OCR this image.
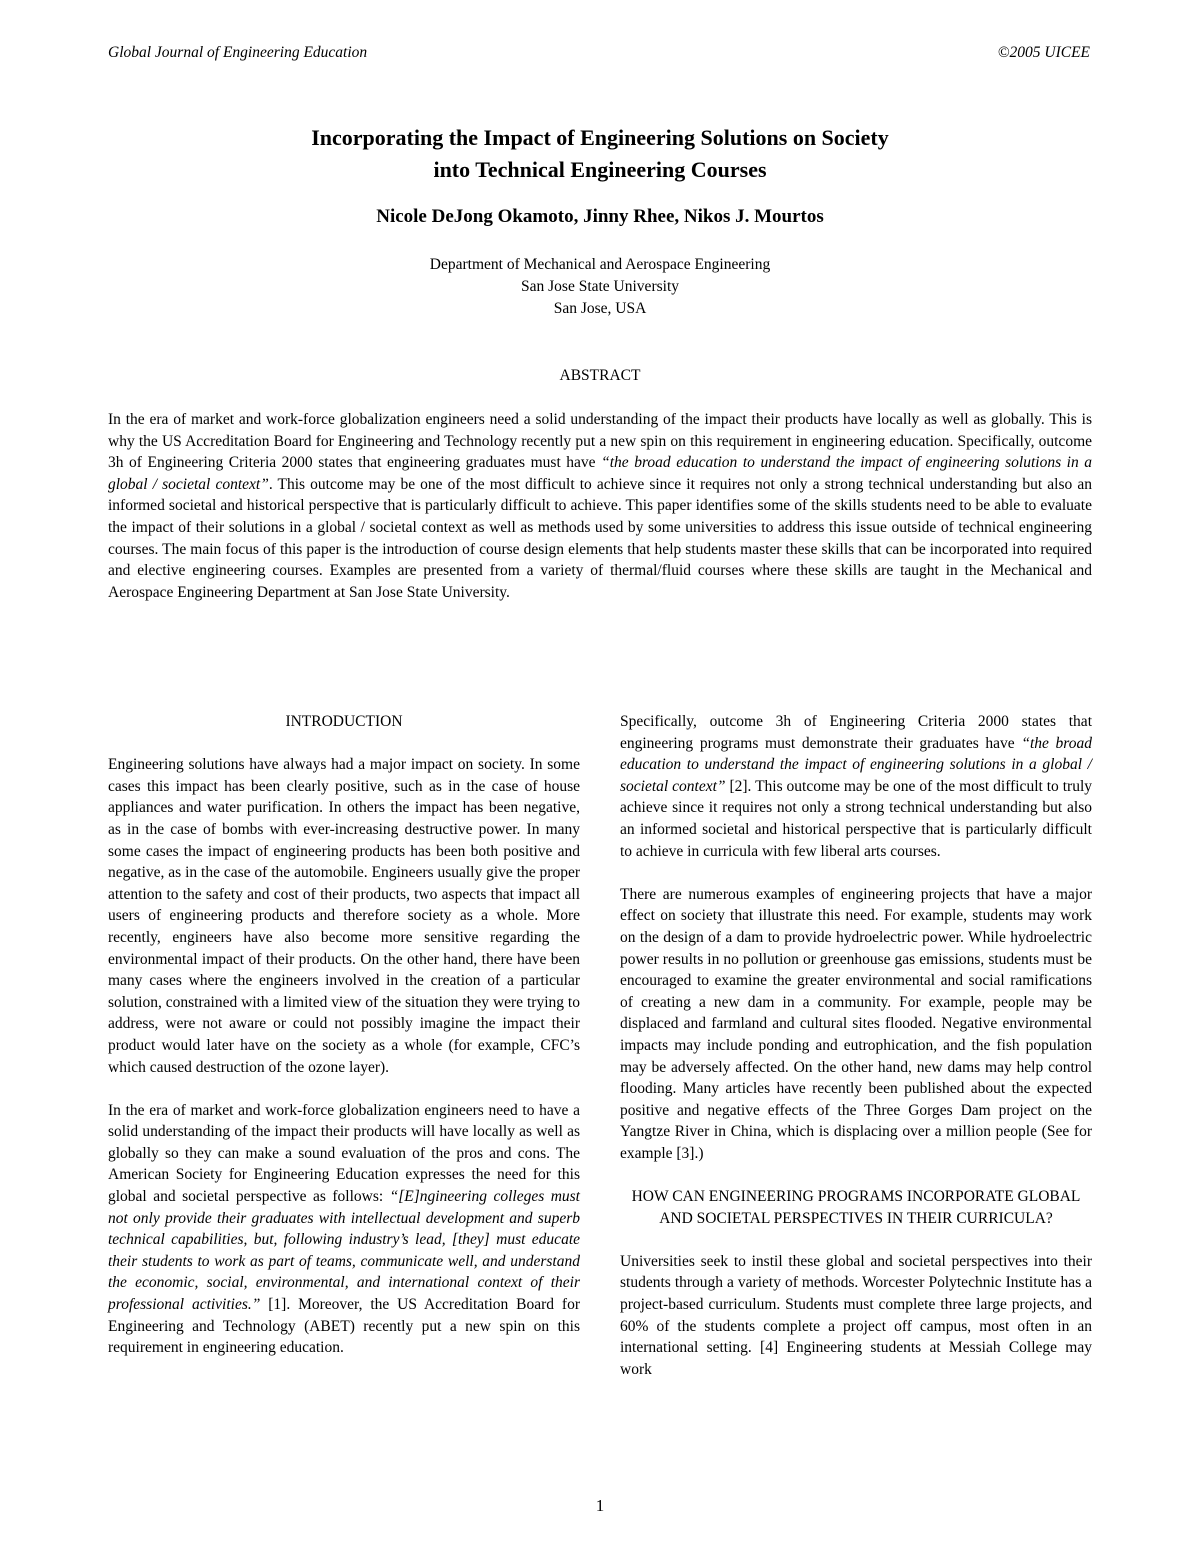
Global Journal of Engineering Education	©2005 UICEE
Incorporating the Impact of Engineering Solutions on Society
into Technical Engineering Courses
Nicole DeJong Okamoto, Jinny Rhee, Nikos J. Mourtos
Department of Mechanical and Aerospace Engineering
San Jose State University
San Jose, USA
ABSTRACT

In the era of market and work-force globalization engineers need a solid understanding of the impact their products have locally as well as globally. This is why the US Accreditation Board for Engineering and Technology recently put a new spin on this requirement in engineering education. Specifically, outcome 3h of Engineering Criteria 2000 states that engineering graduates must have “the broad education to understand the impact of engineering solutions in a global / societal context”. This outcome may be one of the most difficult to achieve since it requires not only a strong technical understanding but also an informed societal and historical perspective that is particularly difficult to achieve. This paper identifies some of the skills students need to be able to evaluate the impact of their solutions in a global / societal context as well as methods used by some universities to address this issue outside of technical engineering courses. The main focus of this paper is the introduction of course design elements that help students master these skills that can be incorporated into required and elective engineering courses. Examples are presented from a variety of thermal/fluid courses where these skills are taught in the Mechanical and Aerospace Engineering Department at San Jose State University.

INTRODUCTION

Engineering solutions have always had a major impact on society. In some cases this impact has been clearly positive, such as in the case of house appliances and water purification. In others the impact has been negative, as in the case of bombs with ever-increasing destructive power. In many some cases the impact of engineering products has been both positive and negative, as in the case of the automobile. Engineers usually give the proper attention to the safety and cost of their products, two aspects that impact all users of engineering products and therefore society as a whole. More recently, engineers have also become more sensitive regarding the environmental impact of their products. On the other hand, there have been many cases where the engineers involved in the creation of a particular solution, constrained with a limited view of the situation they were trying to address, were not aware or could not possibly imagine the impact their product would later have on the society as a whole (for example, CFC’s which caused destruction of the ozone layer).

In the era of market and work-force globalization engineers need to have a solid understanding of the impact their products will have locally as well as globally so they can make a sound evaluation of the pros and cons. The American Society for Engineering Education expresses the need for this global and societal perspective as follows: “[E]ngineering colleges must not only provide their graduates with intellectual development and superb technical capabilities, but, following industry’s lead, [they] must educate their students to work as part of teams, communicate well, and understand the economic, social, environmental, and international context of their professional activities.” [1]. Moreover, the US Accreditation Board for Engineering and Technology (ABET) recently put a new spin on this requirement in engineering education.

Specifically, outcome 3h of Engineering Criteria 2000 states that engineering programs must demonstrate their graduates have “the broad education to understand the impact of engineering solutions in a global / societal context” [2]. This outcome may be one of the most difficult to truly achieve since it requires not only a strong technical understanding but also an informed societal and historical perspective that is particularly difficult to achieve in curricula with few liberal arts courses.

There are numerous examples of engineering projects that have a major effect on society that illustrate this need. For example, students may work on the design of a dam to provide hydroelectric power. While hydroelectric power results in no pollution or greenhouse gas emissions, students must be encouraged to examine the greater environmental and social ramifications of creating a new dam in a community. For example, people may be displaced and farmland and cultural sites flooded. Negative environmental impacts may include ponding and eutrophication, and the fish population may be adversely affected. On the other hand, new dams may help control flooding. Many articles have recently been published about the expected positive and negative effects of the Three Gorges Dam project on the Yangtze River in China, which is displacing over a million people (See for example [3].)

HOW CAN ENGINEERING PROGRAMS INCORPORATE GLOBAL AND SOCIETAL PERSPECTIVES IN THEIR CURRICULA?

Universities seek to instil these global and societal perspectives into their students through a variety of methods. Worcester Polytechnic Institute has a project-based curriculum. Students must complete three large projects, and 60% of the students complete a project off campus, most often in an international setting. [4] Engineering students at Messiah College may work

1
